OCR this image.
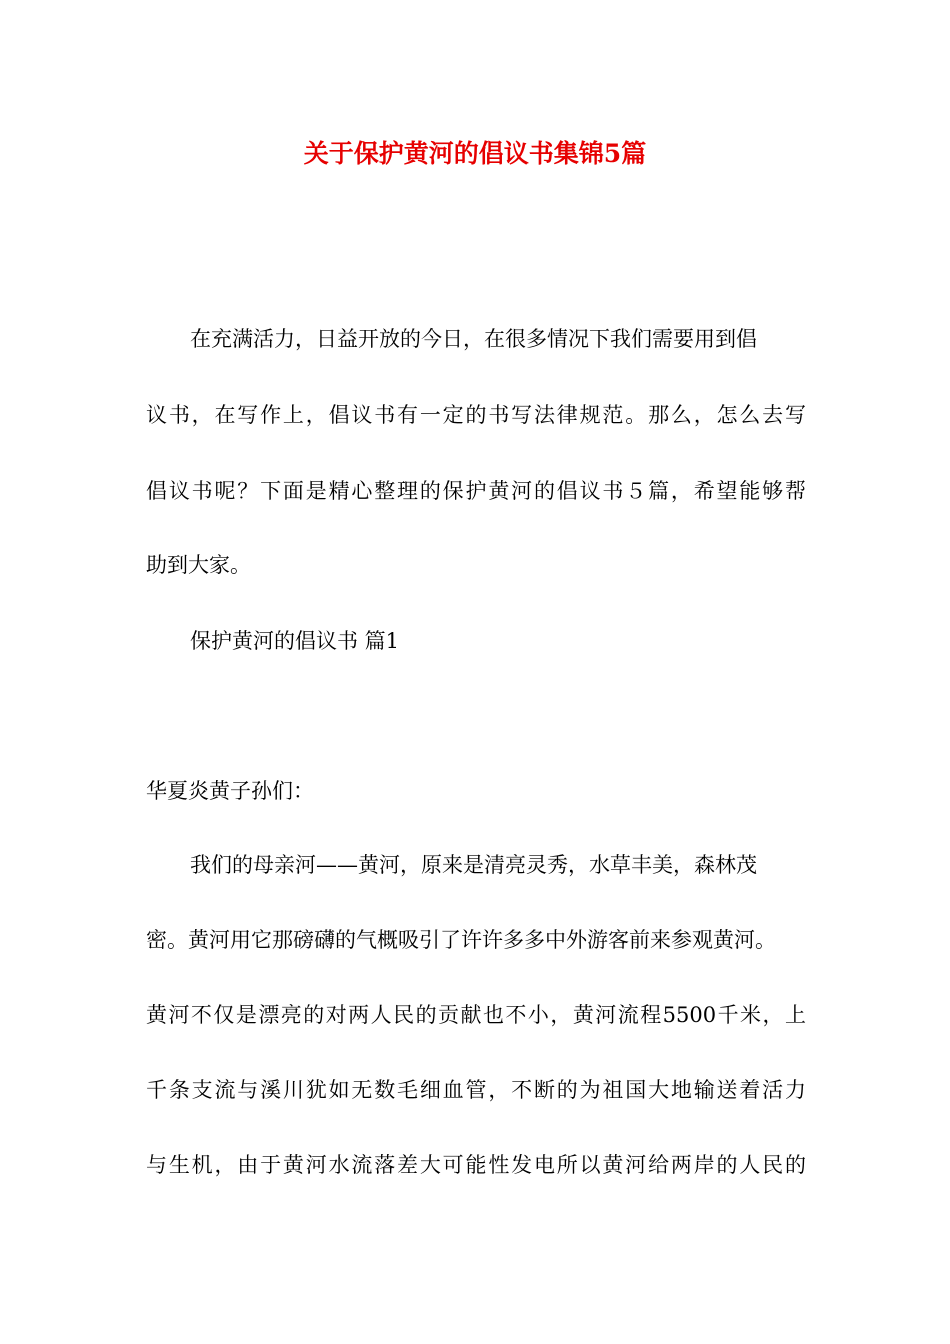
关于保护黄河的倡议书集锦5篇
在充满活力，日益开放的今日，在很多情况下我们需要用到倡
议书，在写作上，倡议书有一定的书写法律规范。那么，怎么去写
倡议书呢？下面是精心整理的保护黄河的倡议书５篇，希望能够帮
助到大家。
保护黄河的倡议书 篇1
华夏炎黄子孙们：
我们的母亲河——黄河，原来是清亮灵秀，水草丰美，森林茂
密。黄河用它那磅礴的气概吸引了许许多多中外游客前来参观黄河。
黄河不仅是漂亮的对两人民的贡献也不小，黄河流程5500千米，上
千条支流与溪川犹如无数毛细血管，不断的为祖国大地输送着活力
与生机，由于黄河水流落差大可能性发电所以黄河给两岸的人民的
